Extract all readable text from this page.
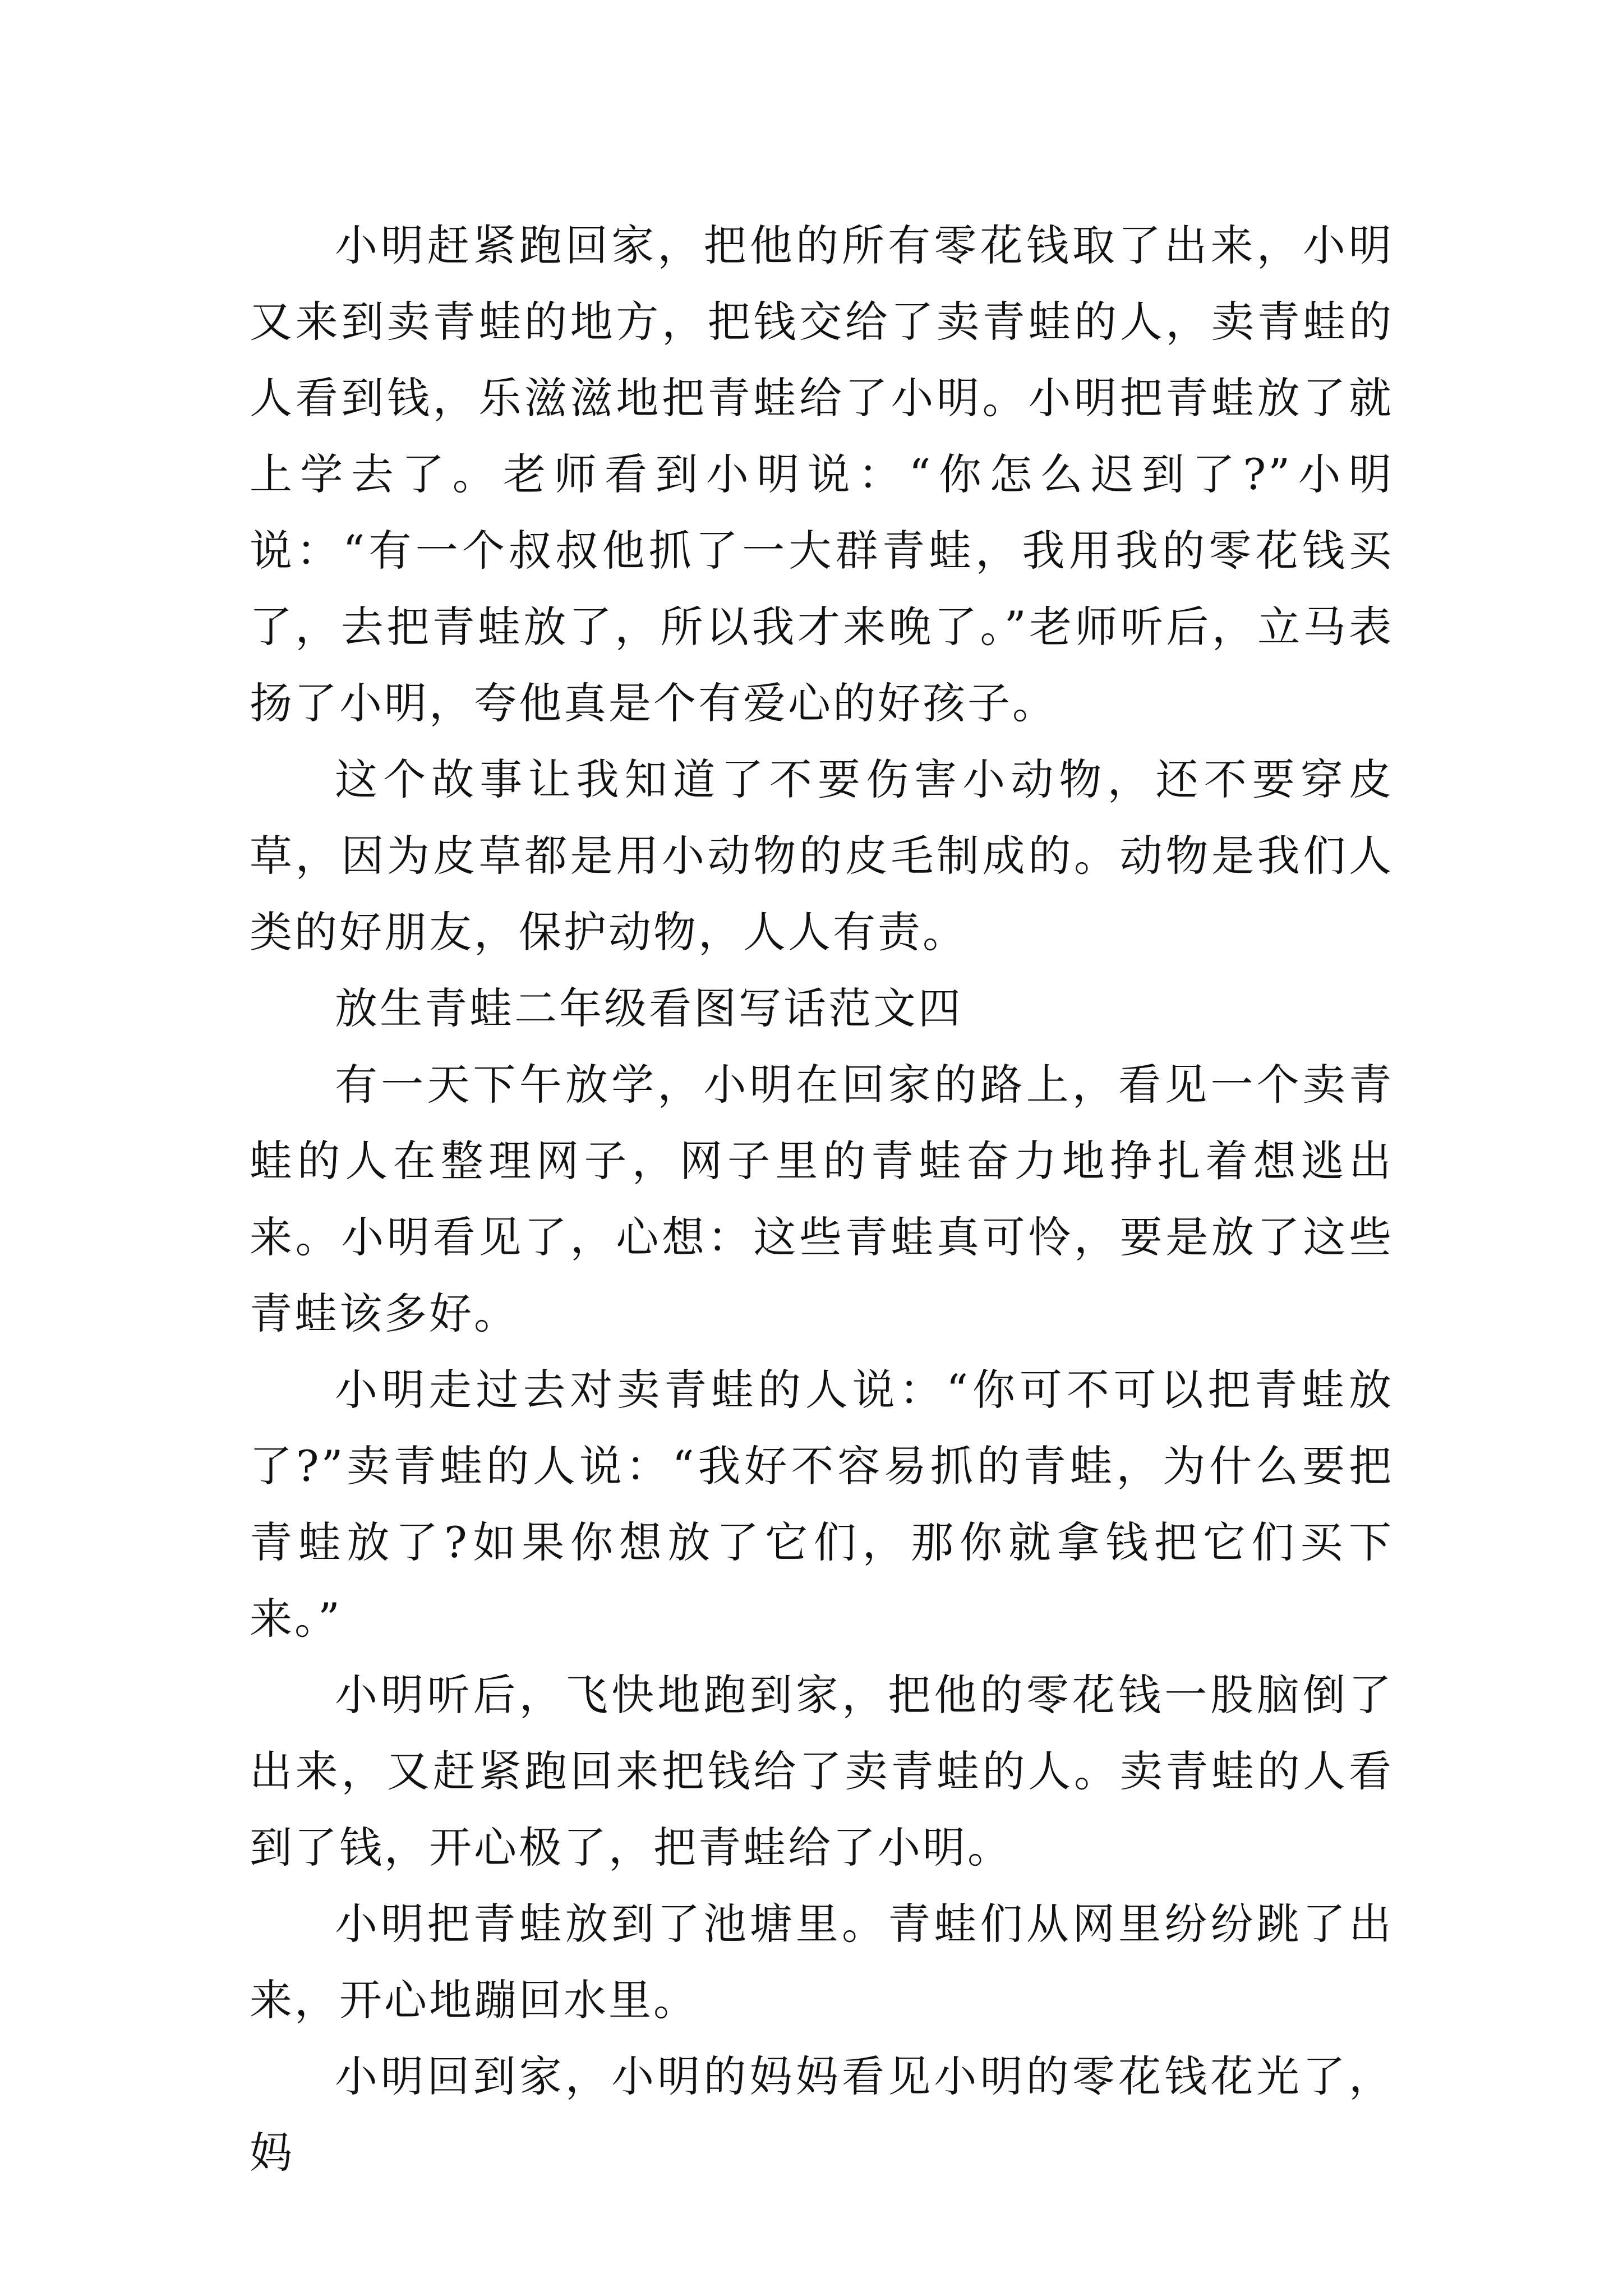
小明赶紧跑回家，把他的所有零花钱取了出来，小明又来到卖青蛙的地方，把钱交给了卖青蛙的人，卖青蛙的人看到钱，乐滋滋地把青蛙给了小明。小明把青蛙放了就上学去了。老师看到小明说：“你怎么迟到了?”小明说：“有一个叔叔他抓了一大群青蛙，我用我的零花钱买了，去把青蛙放了，所以我才来晚了。”老师听后，立马表扬了小明，夸他真是个有爱心的好孩子。

这个故事让我知道了不要伤害小动物，还不要穿皮草，因为皮草都是用小动物的皮毛制成的。动物是我们人类的好朋友，保护动物，人人有责。

放生青蛙二年级看图写话范文四

有一天下午放学，小明在回家的路上，看见一个卖青蛙的人在整理网子，网子里的青蛙奋力地挣扎着想逃出来。小明看见了，心想：这些青蛙真可怜，要是放了这些青蛙该多好。

小明走过去对卖青蛙的人说：“你可不可以把青蛙放了?”卖青蛙的人说：“我好不容易抓的青蛙，为什么要把青蛙放了?如果你想放了它们，那你就拿钱把它们买下来。”

小明听后，飞快地跑到家，把他的零花钱一股脑倒了出来，又赶紧跑回来把钱给了卖青蛙的人。卖青蛙的人看到了钱，开心极了，把青蛙给了小明。

小明把青蛙放到了池塘里。青蛙们从网里纷纷跳了出来，开心地蹦回水里。

小明回到家，小明的妈妈看见小明的零花钱花光了，妈
